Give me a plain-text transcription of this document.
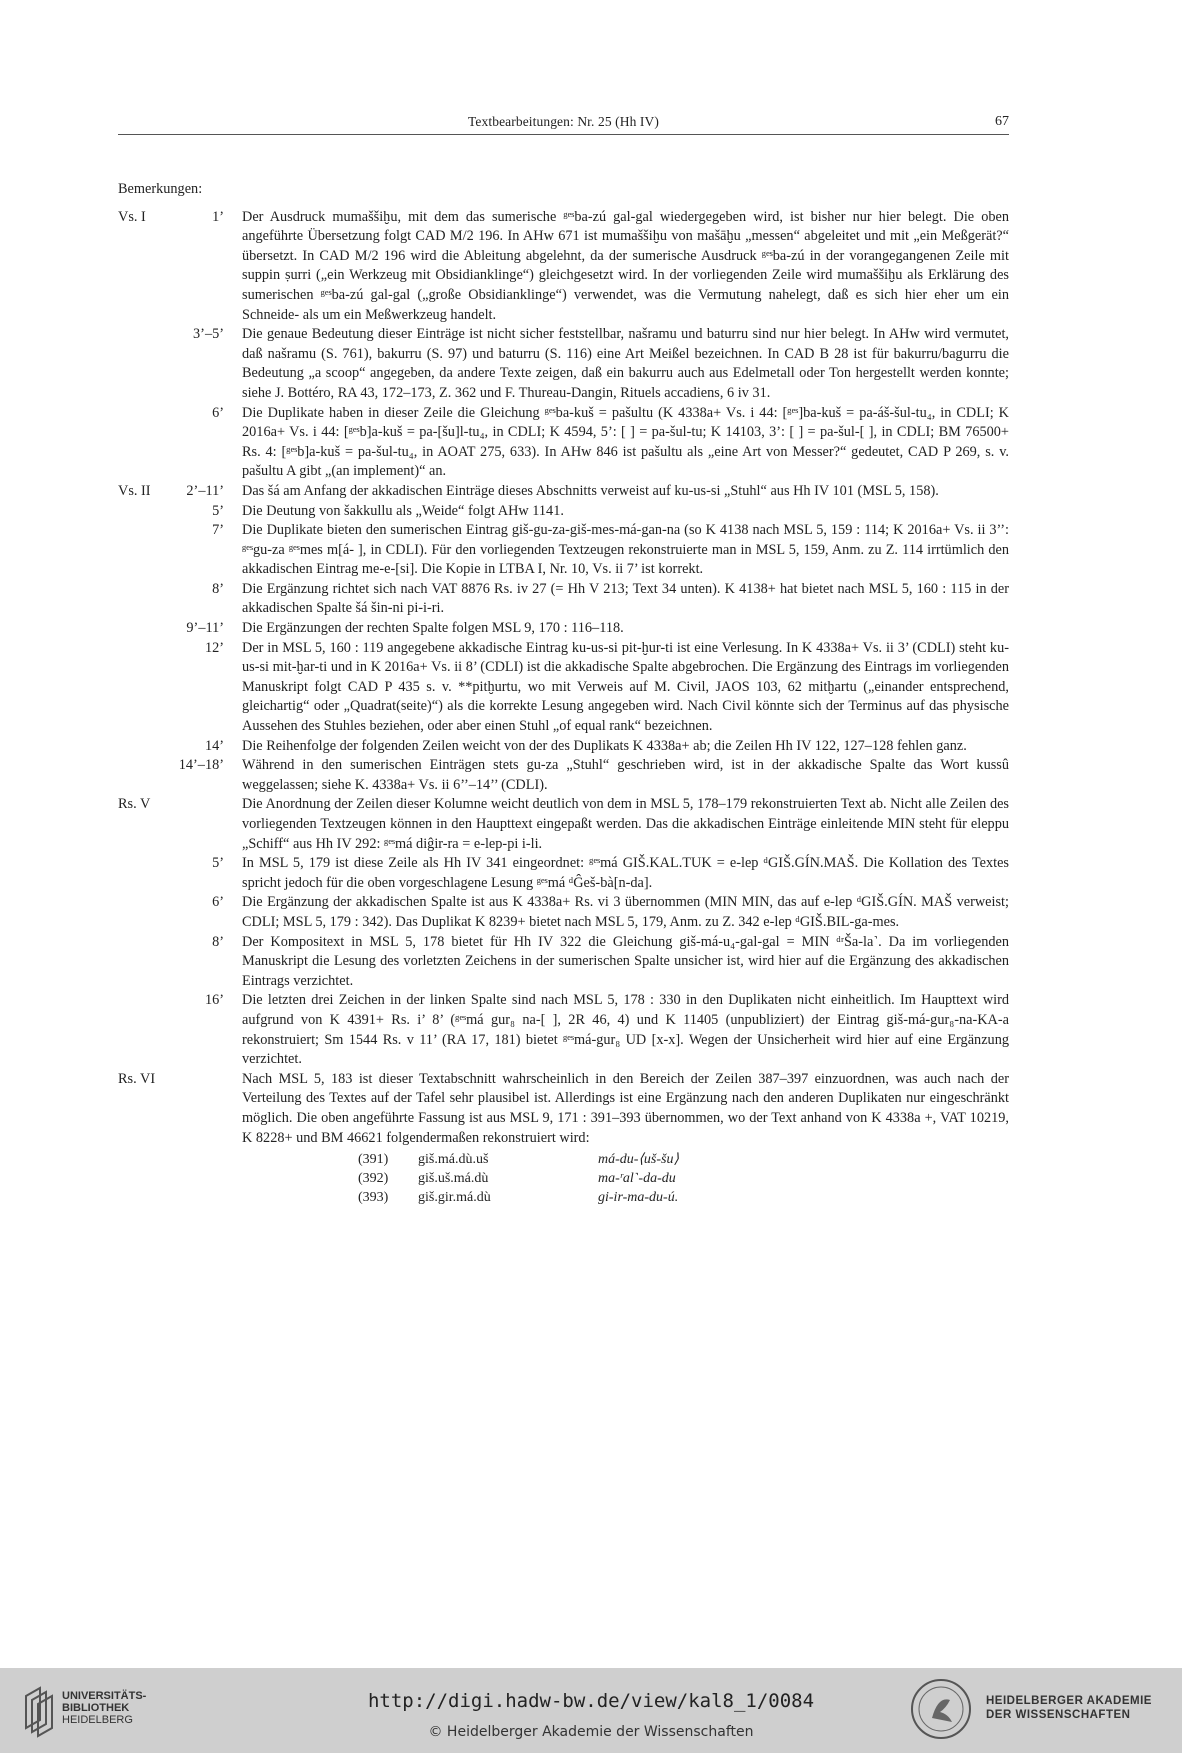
Textbearbeitungen: Nr. 25 (Hh IV)	67
Bemerkungen:
Vs. I	1’	Der Ausdruck mumaššiḫu, mit dem das sumerische ᵍᵉˢba-zú gal-gal wiedergegeben wird, ist bisher nur hier belegt. Die oben angeführte Übersetzung folgt CAD M/2 196. In AHw 671 ist mumaššiḫu von mašāḫu „messen“ abgeleitet und mit „ein Meßgerät?“ übersetzt. In CAD M/2 196 wird die Ableitung abgelehnt, da der sumerische Ausdruck ᵍᵉˢba-zú in der vorangegangenen Zeile mit suppin ṣurri („ein Werkzeug mit Obsidianklinge“) gleichgesetzt wird. In der vorliegenden Zeile wird mumaššiḫu als Erklärung des sumerischen ᵍᵉˢba-zú gal-gal („große Obsidianklinge“) verwendet, was die Vermutung nahelegt, daß es sich hier eher um ein Schneide- als um ein Meßwerkzeug handelt.
3’–5’	Die genaue Bedeutung dieser Einträge ist nicht sicher feststellbar, našramu und baturru sind nur hier belegt. In AHw wird vermutet, daß našramu (S. 761), bakurru (S. 97) und baturru (S. 116) eine Art Meißel bezeichnen. In CAD B 28 ist für bakurru/bagurru die Bedeutung „a scoop“ angegeben, da andere Texte zeigen, daß ein bakurru auch aus Edelmetall oder Ton hergestellt werden konnte; siehe J. Bottéro, RA 43, 172–173, Z. 362 und F. Thureau-Dangin, Rituels accadiens, 6 iv 31.
6’	Die Duplikate haben in dieser Zeile die Gleichung ᵍᵉˢba-kuš = pašultu (K 4338a+ Vs. i 44: [ᵍᵉˢ]ba-kuš = pa-áš-šul-tu₄, in CDLI; K 2016a+ Vs. i 44: [ᵍᵉˢb]a-kuš = pa-[šu]l-tu₄, in CDLI; K 4594, 5’: [ ] = pa-šul-tu; K 14103, 3’: [ ] = pa-šul-[ ], in CDLI; BM 76500+ Rs. 4: [ᵍᵉˢb]a-kuš = pa-šul-tu₄, in AOAT 275, 633). In AHw 846 ist pašultu als „eine Art von Messer?“ gedeutet, CAD P 269, s. v. pašultu A gibt „(an implement)“ an.
Vs. II	2’–11’	Das šá am Anfang der akkadischen Einträge dieses Abschnitts verweist auf ku-us-si „Stuhl“ aus Hh IV 101 (MSL 5, 158).
5’	Die Deutung von šakkullu als „Weide“ folgt AHw 1141.
7’	Die Duplikate bieten den sumerischen Eintrag giš-gu-za-giš-mes-má-gan-na (so K 4138 nach MSL 5, 159 : 114; K 2016a+ Vs. ii 3’’: ᵍᵉˢgu-za ᵍᵉˢmes m[á- ], in CDLI). Für den vorliegenden Textzeugen rekonstruierte man in MSL 5, 159, Anm. zu Z. 114 irrtümlich den akkadischen Eintrag me-e-[si]. Die Kopie in LTBA I, Nr. 10, Vs. ii 7’ ist korrekt.
8’	Die Ergänzung richtet sich nach VAT 8876 Rs. iv 27 (= Hh V 213; Text 34 unten). K 4138+ hat bietet nach MSL 5, 160 : 115 in der akkadischen Spalte šá šin-ni pi-i-ri.
9’–11’	Die Ergänzungen der rechten Spalte folgen MSL 9, 170 : 116–118.
12’	Der in MSL 5, 160 : 119 angegebene akkadische Eintrag ku-us-si pit-ḫur-ti ist eine Verlesung. In K 4338a+ Vs. ii 3’ (CDLI) steht ku-us-si mit-ḫar-ti und in K 2016a+ Vs. ii 8’ (CDLI) ist die akkadische Spalte abgebrochen. Die Ergänzung des Eintrags im vorliegenden Manuskript folgt CAD P 435 s. v. **pitḫurtu, wo mit Verweis auf M. Civil, JAOS 103, 62 mitḫartu („einander entsprechend, gleichartig“ oder „Quadrat(seite)“) als die korrekte Lesung angegeben wird. Nach Civil könnte sich der Terminus auf das physische Aussehen des Stuhles beziehen, oder aber einen Stuhl „of equal rank“ bezeichnen.
14’	Die Reihenfolge der folgenden Zeilen weicht von der des Duplikats K 4338a+ ab; die Zeilen Hh IV 122, 127–128 fehlen ganz.
14’–18’	Während in den sumerischen Einträgen stets gu-za „Stuhl“ geschrieben wird, ist in der akkadische Spalte das Wort kussû weggelassen; siehe K. 4338a+ Vs. ii 6’’–14’’ (CDLI).
Rs. V	Die Anordnung der Zeilen dieser Kolumne weicht deutlich von dem in MSL 5, 178–179 rekonstruierten Text ab. Nicht alle Zeilen des vorliegenden Textzeugen können in den Haupttext eingepaßt werden. Das die akkadischen Einträge einleitende MIN steht für eleppu „Schiff“ aus Hh IV 292: ᵍᵉˢmá diĝir-ra = e-lep-pi i-li.
5’	In MSL 5, 179 ist diese Zeile als Hh IV 341 eingeordnet: ᵍᵉˢmá GIŠ.KAL.TUK = e-lep ᵈGIŠ.GÍN.MAŠ. Die Kollation des Textes spricht jedoch für die oben vorgeschlagene Lesung ᵍᵉˢmá ᵈĜeš-bà[n-da].
6’	Die Ergänzung der akkadischen Spalte ist aus K 4338a+ Rs. vi 3 übernommen (MIN MIN, das auf e-lep ᵈGIŠ.GÍN. MAŠ verweist; CDLI; MSL 5, 179 : 342). Das Duplikat K 8239+ bietet nach MSL 5, 179, Anm. zu Z. 342 e-lep ᵈGIŠ.BIL-ga-mes.
8’	Der Kompositext in MSL 5, 178 bietet für Hh IV 322 die Gleichung giš-má-u₄-gal-gal = MIN ᵈʳŠa-la˺. Da im vorliegenden Manuskript die Lesung des vorletzten Zeichens in der sumerischen Spalte unsicher ist, wird hier auf die Ergänzung des akkadischen Eintrags verzichtet.
16’	Die letzten drei Zeichen in der linken Spalte sind nach MSL 5, 178 : 330 in den Duplikaten nicht einheitlich. Im Haupttext wird aufgrund von K 4391+ Rs. i’ 8’ (ᵍᵉˢmá gur₈ na-[ ], 2R 46, 4) und K 11405 (unpubliziert) der Eintrag giš-má-gur₈-na-KA-a rekonstruiert; Sm 1544 Rs. v 11’ (RA 17, 181) bietet ᵍᵉˢmá-gur₈ UD [x-x]. Wegen der Unsicherheit wird hier auf eine Ergänzung verzichtet.
Rs. VI	Nach MSL 5, 183 ist dieser Textabschnitt wahrscheinlich in den Bereich der Zeilen 387–397 einzuordnen, was auch nach der Verteilung des Textes auf der Tafel sehr plausibel ist. Allerdings ist eine Ergänzung nach den anderen Duplikaten nur eingeschränkt möglich. Die oben angeführte Fassung ist aus MSL 9, 171 : 391–393 übernommen, wo der Text anhand von K 4338a +, VAT 10219, K 8228+ und BM 46621 folgendermaßen rekonstruiert wird:
(391)	giš.má.dù.uš	má-du-⟨uš-šu⟩
(392)	giš.uš.má.dù	ma-ʳal˺-da-du
(393)	giš.gir.má.dù	gi-ir-ma-du-ú.
UNIVERSITÄTS-
BIBLIOTHEK
HEIDELBERG
http://digi.hadw-bw.de/view/kal8_1/0084
© Heidelberger Akademie der Wissenschaften
HEIDELBERGER AKADEMIE
DER WISSENSCHAFTEN
